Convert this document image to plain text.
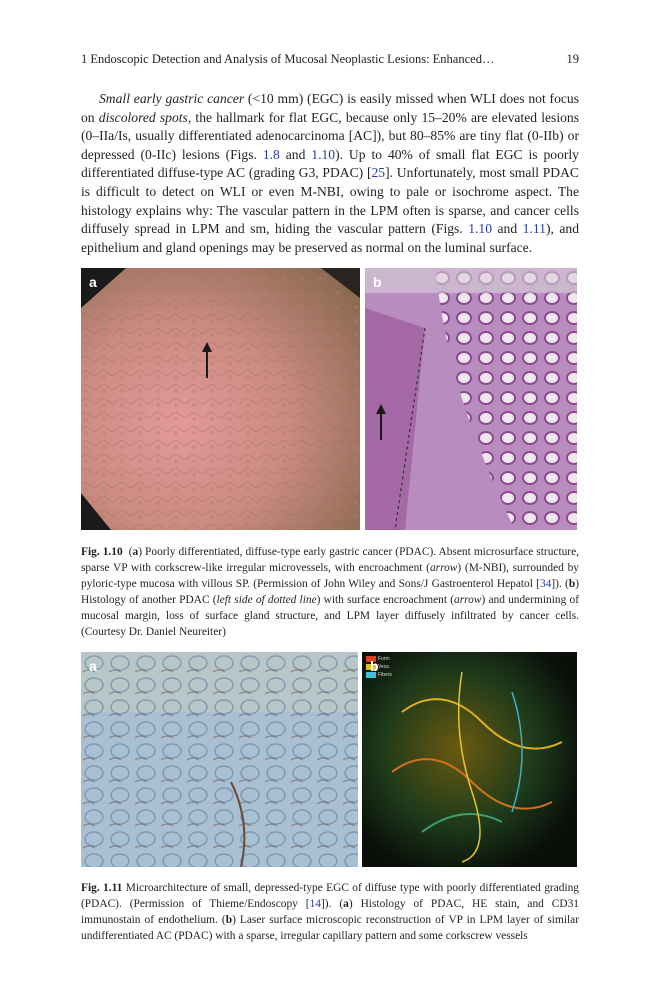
1 Endoscopic Detection and Analysis of Mucosal Neoplastic Lesions: Enhanced…	19

Small early gastric cancer (<10 mm) (EGC) is easily missed when WLI does not focus on discolored spots, the hallmark for flat EGC, because only 15–20% are elevated lesions (0–IIa/Is, usually differentiated adenocarcinoma [AC]), but 80–85% are tiny flat (0-IIb) or depressed (0-IIc) lesions (Figs. 1.8 and 1.10). Up to 40% of small flat EGC is poorly differentiated diffuse-type AC (grading G3, PDAC) [25]. Unfortunately, most small PDAC is difficult to detect on WLI or even M-NBI, owing to pale or isochrome aspect. The histology explains why: The vascular pattern in the LPM often is sparse, and cancer cells diffusely spread in LPM and sm, hiding the vascular pattern (Figs. 1.10 and 1.11), and epithelium and gland openings may be preserved as normal on the luminal surface.

a	b
Fig. 1.10  (a) Poorly differentiated, diffuse-type early gastric cancer (PDAC). Absent microsurface structure, sparse VP with corkscrew-like irregular microvessels, with encroachment (arrow) (M-NBI), surrounded by pyloric-type mucosa with villous SP. (Permission of John Wiley and Sons/J Gastroenterol Hepatol [34]). (b) Histology of another PDAC (left side of dotted line) with surface encroachment (arrow) and undermining of mucosal margin, loss of surface gland structure, and LPM layer diffusely infiltrated by cancer cells. (Courtesy Dr. Daniel Neureiter)
a	b Form
Vess.
Fibers
Fig. 1.11 Microarchitecture of small, depressed-type EGC of diffuse type with poorly differentiated grading (PDAC). (Permission of Thieme/Endoscopy [14]). (a) Histology of PDAC, HE stain, and CD31 immunostain of endothelium. (b) Laser surface microscopic reconstruction of VP in LPM layer of similar undifferentiated AC (PDAC) with a sparse, irregular capillary pattern and some corkscrew vessels
